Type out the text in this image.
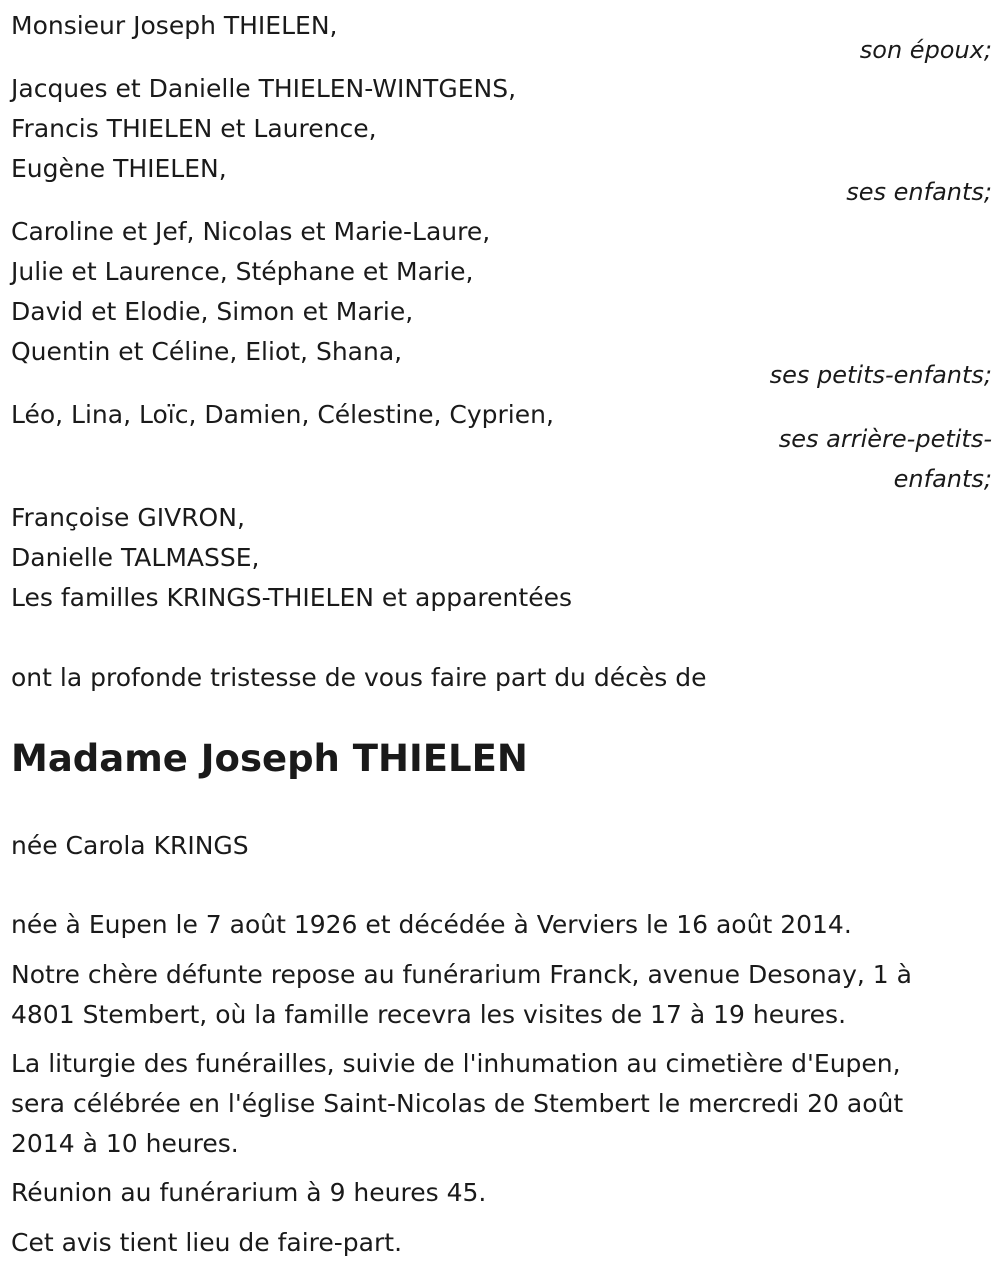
Monsieur Joseph THIELEN,
son époux;
Jacques et Danielle THIELEN-WINTGENS,
Francis THIELEN et Laurence,
Eugène THIELEN,
ses enfants;
Caroline et Jef, Nicolas et Marie-Laure,
Julie et Laurence, Stéphane et Marie,
David et Elodie, Simon et Marie,
Quentin et Céline, Eliot, Shana,
ses petits-enfants;
Léo, Lina, Loïc, Damien, Célestine, Cyprien,
ses arrière-petits-
enfants;
Françoise GIVRON,
Danielle TALMASSE,
Les familles KRINGS-THIELEN et apparentées
ont la profonde tristesse de vous faire part du décès de
Madame Joseph THIELEN
née Carola KRINGS
née à Eupen le 7 août 1926 et décédée à Verviers le 16 août 2014.
Notre chère défunte repose au funérarium Franck, avenue Desonay, 1 à
4801 Stembert, où la famille recevra les visites de 17 à 19 heures.
La liturgie des funérailles, suivie de l'inhumation au cimetière d'Eupen,
sera célébrée en l'église Saint-Nicolas de Stembert le mercredi 20 août
2014 à 10 heures.
Réunion au funérarium à 9 heures 45.
Cet avis tient lieu de faire-part.
